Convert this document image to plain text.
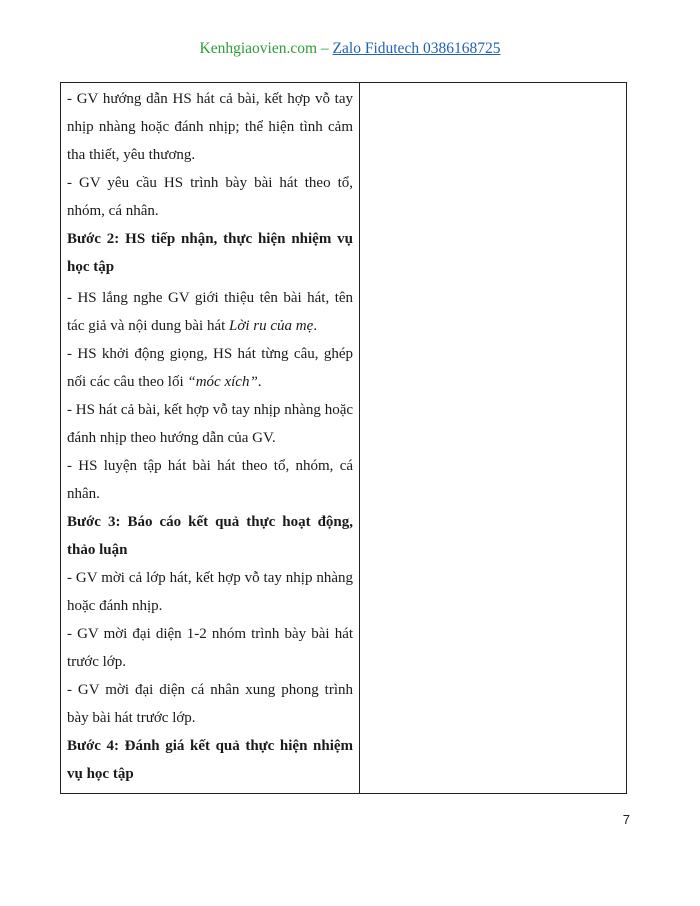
Kenhgiaovien.com – Zalo Fidutech 0386168725

- GV hướng dẫn HS hát cả bài, kết hợp vỗ tay nhịp nhàng hoặc đánh nhịp; thể hiện tình cảm tha thiết, yêu thương.

- GV yêu cầu HS trình bày bài hát theo tổ, nhóm, cá nhân.

Bước 2: HS tiếp nhận, thực hiện nhiệm vụ học tập

- HS lắng nghe GV giới thiệu tên bài hát, tên tác giả và nội dung bài hát Lời ru của mẹ.

- HS khởi động giọng, HS hát từng câu, ghép nối các câu theo lối “móc xích”.

- HS hát cả bài, kết hợp vỗ tay nhịp nhàng hoặc đánh nhịp theo hướng dẫn của GV.

- HS luyện tập hát bài hát theo tổ, nhóm, cá nhân.

Bước 3: Báo cáo kết quả thực hoạt động, thảo luận

- GV mời cả lớp hát, kết hợp vỗ tay nhịp nhàng hoặc đánh nhịp.

- GV mời đại diện 1-2 nhóm trình bày bài hát trước lớp.

- GV mời đại diện cá nhân xung phong trình bày bài hát trước lớp.

Bước 4: Đánh giá kết quả thực hiện nhiệm vụ học tập

7
